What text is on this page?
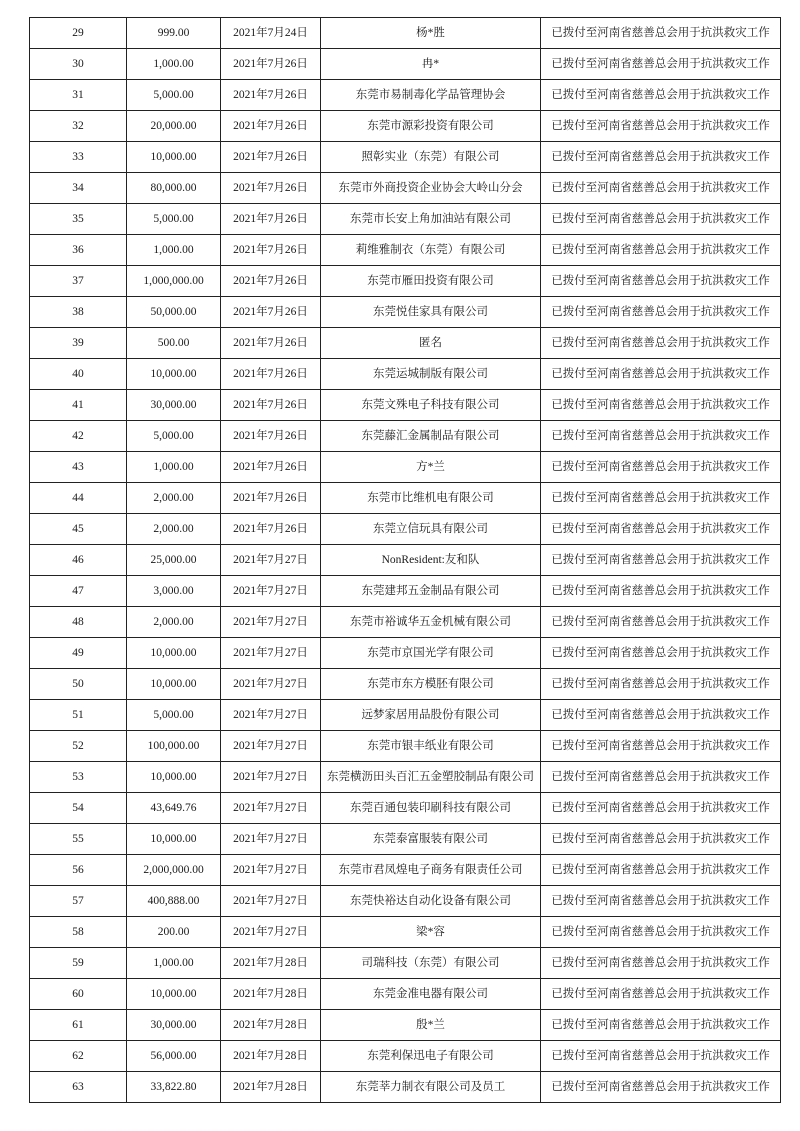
29	999.00	2021年7月24日	杨*胜	已拨付至河南省慈善总会用于抗洪救灾工作
30	1,000.00	2021年7月26日	冉*	已拨付至河南省慈善总会用于抗洪救灾工作
31	5,000.00	2021年7月26日	东莞市易制毒化学品管理协会	已拨付至河南省慈善总会用于抗洪救灾工作
32	20,000.00	2021年7月26日	东莞市源彩投资有限公司	已拨付至河南省慈善总会用于抗洪救灾工作
33	10,000.00	2021年7月26日	照彰实业（东莞）有限公司	已拨付至河南省慈善总会用于抗洪救灾工作
34	80,000.00	2021年7月26日	东莞市外商投资企业协会大岭山分会	已拨付至河南省慈善总会用于抗洪救灾工作
35	5,000.00	2021年7月26日	东莞市长安上角加油站有限公司	已拨付至河南省慈善总会用于抗洪救灾工作
36	1,000.00	2021年7月26日	莉维雅制衣（东莞）有限公司	已拨付至河南省慈善总会用于抗洪救灾工作
37	1,000,000.00	2021年7月26日	东莞市雁田投资有限公司	已拨付至河南省慈善总会用于抗洪救灾工作
38	50,000.00	2021年7月26日	东莞悦佳家具有限公司	已拨付至河南省慈善总会用于抗洪救灾工作
39	500.00	2021年7月26日	匿名	已拨付至河南省慈善总会用于抗洪救灾工作
40	10,000.00	2021年7月26日	东莞运城制版有限公司	已拨付至河南省慈善总会用于抗洪救灾工作
41	30,000.00	2021年7月26日	东莞文殊电子科技有限公司	已拨付至河南省慈善总会用于抗洪救灾工作
42	5,000.00	2021年7月26日	东莞藤汇金属制品有限公司	已拨付至河南省慈善总会用于抗洪救灾工作
43	1,000.00	2021年7月26日	方*兰	已拨付至河南省慈善总会用于抗洪救灾工作
44	2,000.00	2021年7月26日	东莞市比维机电有限公司	已拨付至河南省慈善总会用于抗洪救灾工作
45	2,000.00	2021年7月26日	东莞立信玩具有限公司	已拨付至河南省慈善总会用于抗洪救灾工作
46	25,000.00	2021年7月27日	NonResident:友和队	已拨付至河南省慈善总会用于抗洪救灾工作
47	3,000.00	2021年7月27日	东莞建邦五金制品有限公司	已拨付至河南省慈善总会用于抗洪救灾工作
48	2,000.00	2021年7月27日	东莞市裕诚华五金机械有限公司	已拨付至河南省慈善总会用于抗洪救灾工作
49	10,000.00	2021年7月27日	东莞市京国光学有限公司	已拨付至河南省慈善总会用于抗洪救灾工作
50	10,000.00	2021年7月27日	东莞市东方模胚有限公司	已拨付至河南省慈善总会用于抗洪救灾工作
51	5,000.00	2021年7月27日	远梦家居用品股份有限公司	已拨付至河南省慈善总会用于抗洪救灾工作
52	100,000.00	2021年7月27日	东莞市银丰纸业有限公司	已拨付至河南省慈善总会用于抗洪救灾工作
53	10,000.00	2021年7月27日	东莞横沥田头百汇五金塑胶制品有限公司	已拨付至河南省慈善总会用于抗洪救灾工作
54	43,649.76	2021年7月27日	东莞百通包装印刷科技有限公司	已拨付至河南省慈善总会用于抗洪救灾工作
55	10,000.00	2021年7月27日	东莞泰富服装有限公司	已拨付至河南省慈善总会用于抗洪救灾工作
56	2,000,000.00	2021年7月27日	东莞市君凤煌电子商务有限责任公司	已拨付至河南省慈善总会用于抗洪救灾工作
57	400,888.00	2021年7月27日	东莞快裕达自动化设备有限公司	已拨付至河南省慈善总会用于抗洪救灾工作
58	200.00	2021年7月27日	梁*容	已拨付至河南省慈善总会用于抗洪救灾工作
59	1,000.00	2021年7月28日	司瑞科技（东莞）有限公司	已拨付至河南省慈善总会用于抗洪救灾工作
60	10,000.00	2021年7月28日	东莞金准电器有限公司	已拨付至河南省慈善总会用于抗洪救灾工作
61	30,000.00	2021年7月28日	殷*兰	已拨付至河南省慈善总会用于抗洪救灾工作
62	56,000.00	2021年7月28日	东莞利保迅电子有限公司	已拨付至河南省慈善总会用于抗洪救灾工作
63	33,822.80	2021年7月28日	东莞莘力制衣有限公司及员工	已拨付至河南省慈善总会用于抗洪救灾工作
